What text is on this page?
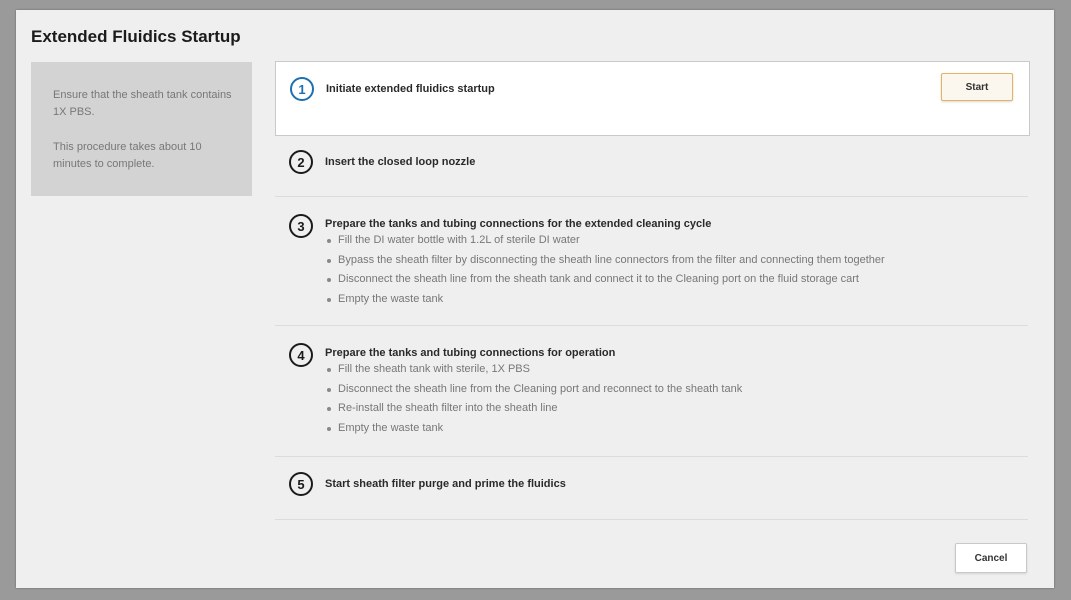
Extended Fluidics Startup

Ensure that the sheath tank contains 1X PBS.

This procedure takes about 10 minutes to complete.

1	Initiate extended fluidics startup	Start
2	Insert the closed loop nozzle
3	Prepare the tanks and tubing connections for the extended cleaning cycle
Fill the DI water bottle with 1.2L of sterile DI water
Bypass the sheath filter by disconnecting the sheath line connectors from the filter and connecting them together
Disconnect the sheath line from the sheath tank and connect it to the Cleaning port on the fluid storage cart
Empty the waste tank
4	Prepare the tanks and tubing connections for operation
Fill the sheath tank with sterile, 1X PBS
Disconnect the sheath line from the Cleaning port and reconnect to the sheath tank
Re-install the sheath filter into the sheath line
Empty the waste tank
5	Start sheath filter purge and prime the fluidics
Cancel
